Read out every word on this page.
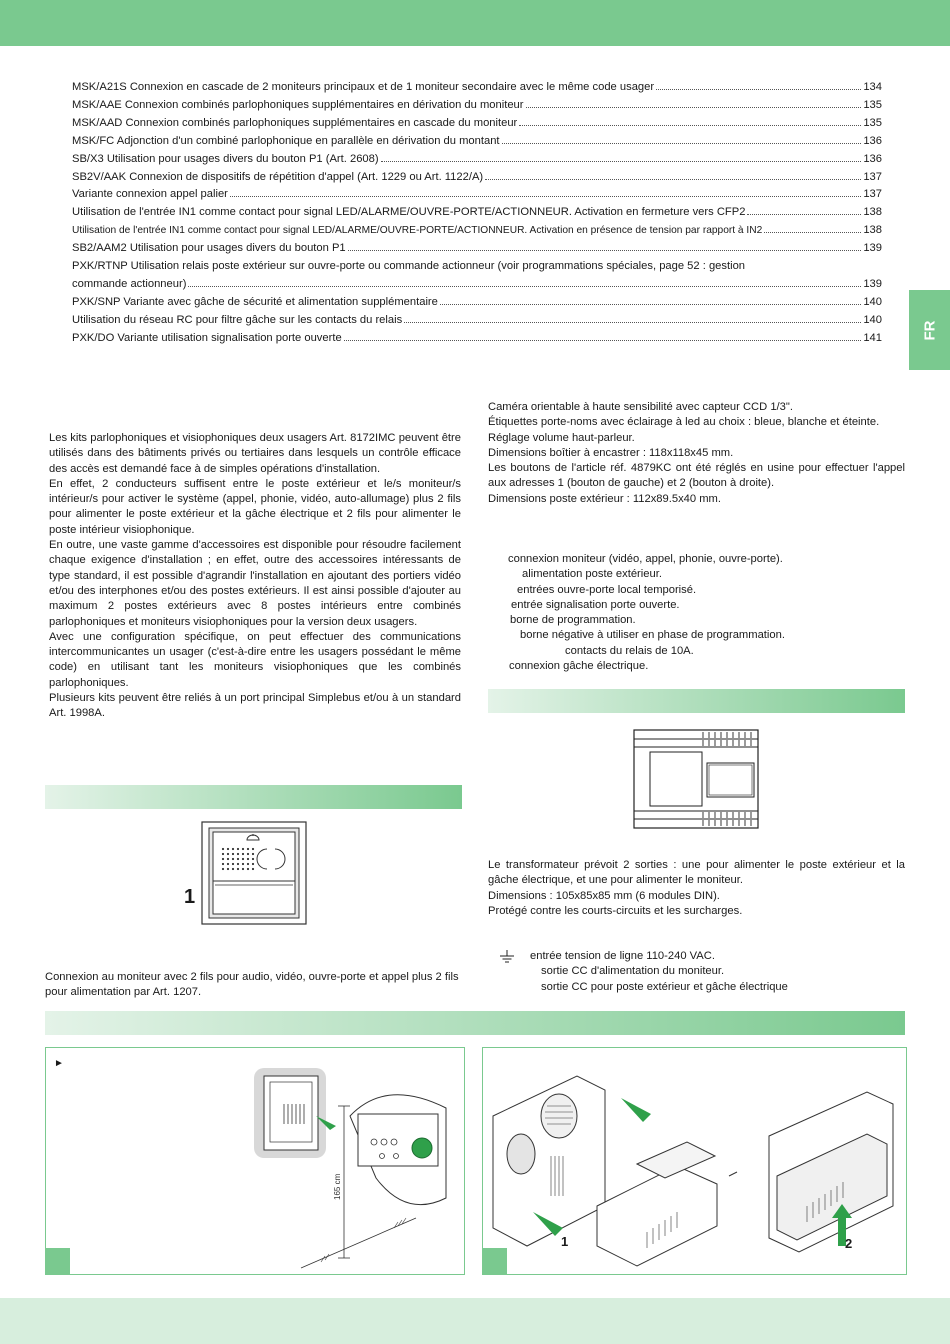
FR
MSK/A21S Connexion en cascade de 2 moniteurs principaux et de 1 moniteur secondaire avec le même code usager	134
MSK/AAE Connexion combinés parlophoniques supplémentaires en dérivation du moniteur	135
MSK/AAD Connexion combinés parlophoniques supplémentaires en cascade du moniteur	135
MSK/FC Adjonction d'un combiné parlophonique en parallèle en dérivation du montant	136
SB/X3 Utilisation pour usages divers du bouton P1 (Art. 2608)	136
SB2V/AAK Connexion de dispositifs de répétition d'appel (Art. 1229 ou Art. 1122/A)	137
Variante connexion appel palier	137
Utilisation de l'entrée IN1 comme contact pour signal LED/ALARME/OUVRE-PORTE/ACTIONNEUR. Activation en fermeture vers CFP2	138
Utilisation de l'entrée IN1 comme contact pour signal LED/ALARME/OUVRE-PORTE/ACTIONNEUR. Activation en présence de tension par rapport à IN2	138
SB2/AAM2 Utilisation pour usages divers du bouton P1	139
PXK/RTNP Utilisation relais poste extérieur sur ouvre-porte ou commande actionneur (voir programmations spéciales, page 52 : gestion
commande actionneur)	139
PXK/SNP Variante avec gâche de sécurité et alimentation supplémentaire	140
Utilisation du réseau RC pour filtre gâche sur les contacts du relais	140
PXK/DO Variante utilisation signalisation porte ouverte	141

Les kits parlophoniques et visiophoniques deux usagers Art. 8172IMC peuvent être utilisés dans des bâtiments privés ou tertiaires dans lesquels un contrôle efficace des accès est demandé face à de simples opérations d'installation.

En effet, 2 conducteurs suffisent entre le poste extérieur et le/s moniteur/s intérieur/s pour activer le système (appel, phonie, vidéo, auto-allumage) plus 2 fils pour alimenter le poste extérieur et la gâche électrique et 2 fils pour alimenter le poste intérieur visiophonique.

En outre, une vaste gamme d'accessoires est disponible pour résoudre facilement chaque exigence d'installation ; en effet, outre des accessoires intéressants de type standard, il est possible d'agrandir l'installation en ajoutant des portiers vidéo et/ou des interphones et/ou des postes extérieurs. Il est ainsi possible d'ajouter au maximum 2 postes extérieurs avec 8 postes intérieurs entre combinés parlophoniques et moniteurs visiophoniques pour la version deux usagers.

Avec une configuration spécifique, on peut effectuer des communications intercommunicantes un usager (c'est-à-dire entre les usagers possédant le même code) en utilisant tant les moniteurs visiophoniques que les combinés parlophoniques.

Plusieurs kits peuvent être reliés à un port principal Simplebus et/ou à un standard Art. 1998A.

Caméra orientable à haute sensibilité avec capteur CCD 1/3".

Étiquettes porte-noms avec éclairage à led au choix : bleue, blanche et éteinte.

Réglage volume haut-parleur.

Dimensions boîtier à encastrer : 118x118x45 mm.

Les boutons de l'article réf. 4879KC ont été réglés en usine pour effectuer l'appel aux adresses 1 (bouton de gauche) et 2 (bouton à droite).

Dimensions poste extérieur : 112x89.5x40 mm.

connexion moniteur (vidéo, appel, phonie, ouvre-porte).
alimentation poste extérieur.
entrées ouvre-porte local temporisé.
entrée signalisation porte ouverte.
borne de programmation.
borne négative à utiliser en phase de programmation.
contacts du relais de 10A.
connexion gâche électrique.

Le transformateur prévoit 2 sorties : une pour alimenter le poste extérieur et la gâche électrique, et une pour alimenter le moniteur.

Dimensions : 105x85x85 mm (6 modules DIN).

Protégé contre les courts-circuits et les surcharges.

entrée tension de ligne 110-240 VAC.
sortie CC d'alimentation du moniteur.
sortie CC pour poste extérieur et gâche électrique
1
Connexion au moniteur avec 2 fils pour audio, vidéo, ouvre-porte et appel plus 2 fils pour alimentation par Art. 1207.
►
165 cm
1	2
